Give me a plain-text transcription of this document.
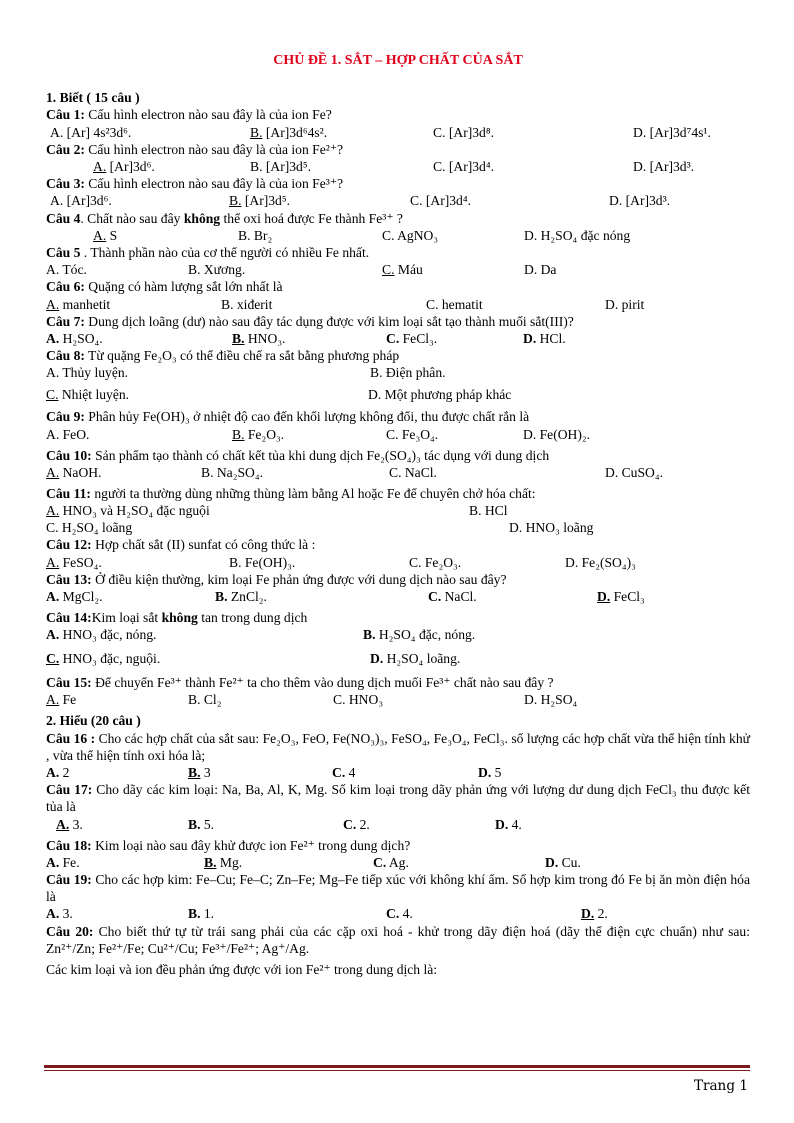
CHỦ ĐỀ 1. SẮT – HỢP CHẤT CỦA SẮT
1. Biết ( 15 câu )
Câu 1: Cấu hình electron nào sau đây là của ion Fe?
A. [Ar] 4s²3d⁶.	B. [Ar]3d⁶4s².	C. [Ar]3d⁸.	D. [Ar]3d⁷4s¹.
Câu 2: Cấu hình electron nào sau đây là của ion Fe²⁺?
A. [Ar]3d⁶.	B. [Ar]3d⁵.	C. [Ar]3d⁴.	D. [Ar]3d³.
Câu 3: Cấu hình electron nào sau đây là của ion Fe³⁺?
A. [Ar]3d⁶.	B. [Ar]3d⁵.	C. [Ar]3d⁴.	D. [Ar]3d³.
Câu 4. Chất nào sau đây không thể oxi hoá được Fe thành Fe³⁺ ?
A. S	B. Br₂	C. AgNO₃	D. H₂SO₄ đặc nóng
Câu 5 . Thành phần nào của cơ thể người có nhiều Fe nhất.
A. Tóc.	B. Xương.	C. Máu	D. Da
Câu 6: Quặng có hàm lượng sắt lớn nhất là
A. manhetit	B. xiđerit	C. hematit	D. pirit
Câu 7: Dung dịch loãng (dư) nào sau đây tác dụng được với kim loại sắt tạo thành muối sắt(III)?
A. H₂SO₄.	B. HNO₃.	C. FeCl₃.	D. HCl.
Câu 8: Từ quặng Fe₂O₃ có thể điều chế ra sắt bằng phương pháp
A. Thủy luyện.	B. Điện phân.
C. Nhiệt luyện.	D. Một phương pháp khác
Câu 9: Phân hủy Fe(OH)₃ ở nhiệt độ cao đến khối lượng không đổi, thu được chất rắn là
A. FeO.	B. Fe₂O₃.	C. Fe₃O₄.	D. Fe(OH)₂.
Câu 10: Sản phẩm tạo thành có chất kết tủa khi dung dịch Fe₂(SO₄)₃ tác dụng với dung dịch
A. NaOH.	B. Na₂SO₄.	C. NaCl.	D. CuSO₄.
Câu 11: người ta thường dùng những thùng làm bằng Al hoặc Fe để chuyên chở hóa chất:
A. HNO₃ và H₂SO₄ đặc nguội	B. HCl
C. H₂SO₄ loãng	D. HNO₃ loãng
Câu 12: Hợp chất sắt (II) sunfat có công thức là :
A. FeSO₄.	B. Fe(OH)₃.	C. Fe₂O₃.	D. Fe₂(SO₄)₃
Câu 13: Ở điều kiện thường, kim loại Fe phản ứng được với dung dịch nào sau đây?
A. MgCl₂.	B. ZnCl₂.	C. NaCl.	D. FeCl₃
Câu 14:Kim loại sắt không tan trong dung dịch
A. HNO₃ đặc, nóng.	B. H₂SO₄ đặc, nóng.
C. HNO₃ đặc, nguội.	D. H₂SO₄ loãng.
Câu 15: Để chuyển Fe³⁺ thành Fe²⁺ ta cho thêm vào dung dịch muối Fe³⁺ chất nào sau đây ?
A. Fe	B. Cl₂	C. HNO₃	D. H₂SO₄
2. Hiểu (20 câu )
Câu 16 : Cho các hợp chất của sắt sau: Fe₂O₃, FeO, Fe(NO₃)₃, FeSO₄, Fe₃O₄, FeCl₃. số lượng các hợp chất vừa thể hiện tính khử , vừa thể hiện tính oxi hóa là;
A. 2	B. 3	C. 4	D. 5
Câu 17: Cho dãy các kim loại: Na, Ba, Al, K, Mg. Số kim loại trong dãy phản ứng với lượng dư dung dịch FeCl₃ thu được kết tủa là
A. 3.	B. 5.	C. 2.	D. 4.
Câu 18: Kim loại nào sau đây khử được ion Fe²⁺ trong dung dịch?
A. Fe.	B. Mg.	C. Ag.	D. Cu.
Câu 19: Cho các hợp kim: Fe–Cu; Fe–C; Zn–Fe; Mg–Fe tiếp xúc với không khí ẩm. Số hợp kim trong đó Fe bị ăn mòn điện hóa là
A. 3.	B. 1.	C. 4.	D. 2.
Câu 20: Cho biết thứ tự từ trái sang phải của các cặp oxi hoá - khử trong dãy điện hoá (dãy thế điện cực chuẩn) như sau: Zn²⁺/Zn; Fe²⁺/Fe; Cu²⁺/Cu; Fe³⁺/Fe²⁺; Ag⁺/Ag.
Các kim loại và ion đều phản ứng được với ion Fe²⁺ trong dung dịch là:
Trang 1
